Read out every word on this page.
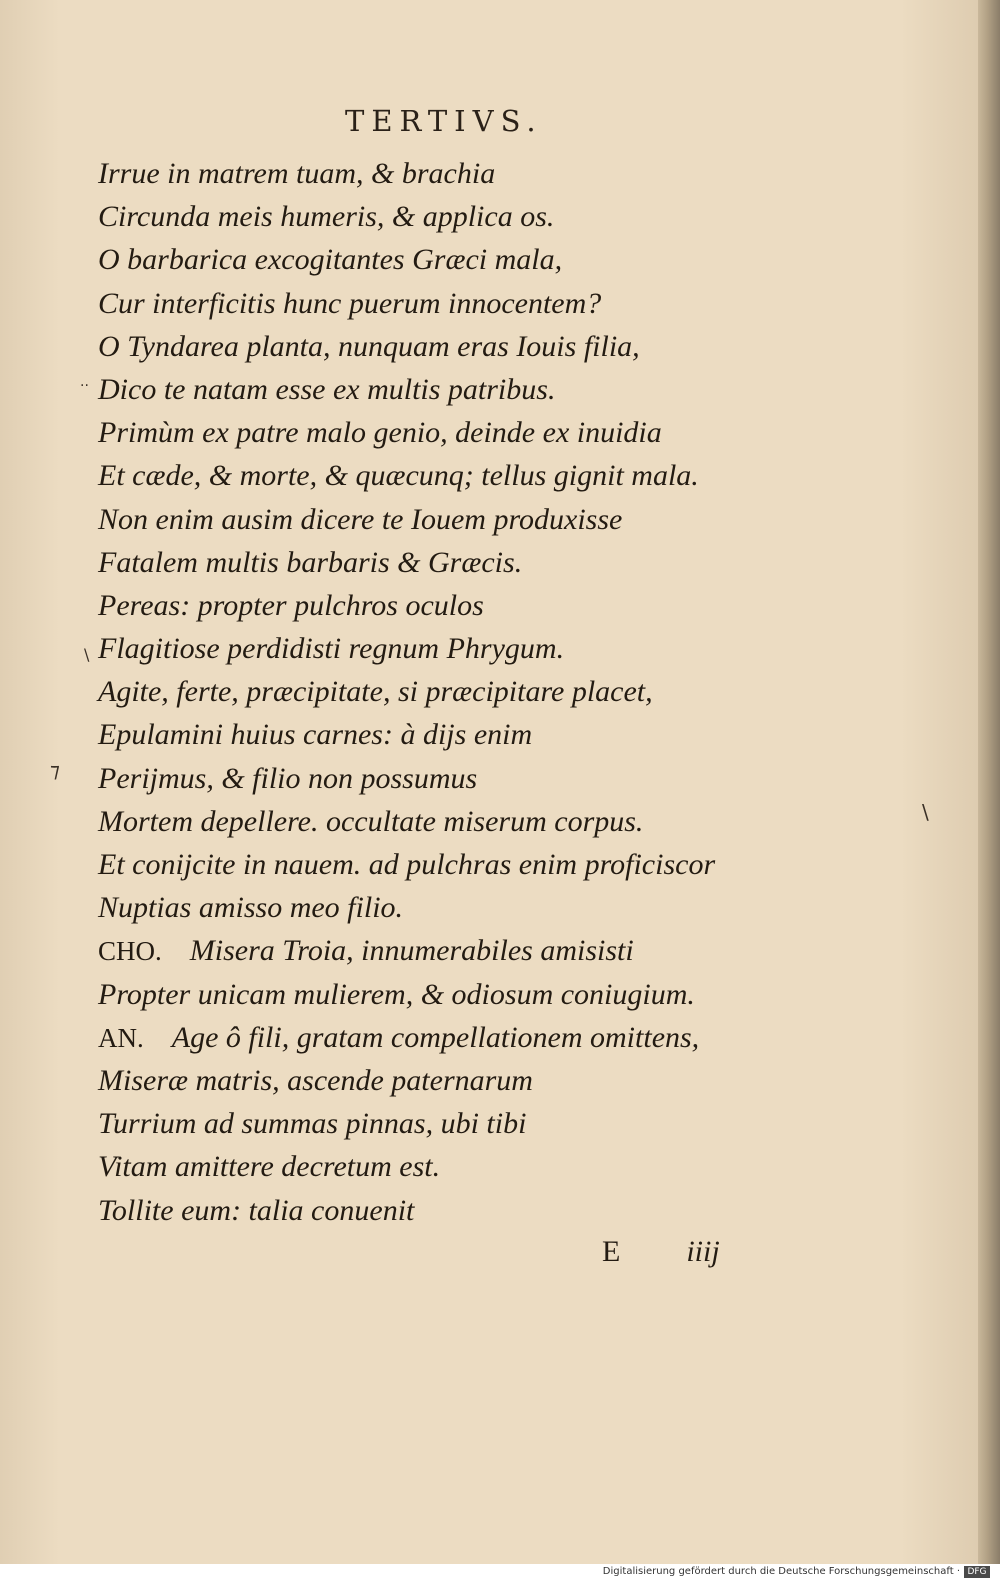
TERTIVS.
Irrue in matrem tuam, & brachia
Circunda meis humeris, & applica os.
O barbarica excogitantes Græci mala,
Cur interficitis hunc puerum innocentem?
O Tyndarea planta, nunquam eras Iouis filia,
Dico te natam esse ex multis patribus.
Primùm ex patre malo genio, deinde ex inuidia
Et cæde, & morte, & quæcunq; tellus gignit mala.
Non enim ausim dicere te Iouem produxisse
Fatalem multis barbaris & Græcis.
Pereas: propter pulchros oculos
Flagitiose perdidisti regnum Phrygum.
Agite, ferte, præcipitate, si præcipitare placet,
Epulamini huius carnes: à dijs enim
Perijmus, & filio non possumus
Mortem depellere. occultate miserum corpus.
Et conijcite in nauem. ad pulchras enim proficiscor
Nuptias amisso meo filio.
CHO. Misera Troia, innumerabiles amisisti
Propter unicam mulierem, & odiosum coniugium.
AN. Age ô fili, gratam compellationem omittens,
Miseræ matris, ascende paternarum
Turrium ad summas pinnas, ubi tibi
Vitam amittere decretum est.
Tollite eum: talia conuenit
E iiij
··
\
⁊
\
Digitalisierung gefördert durch die Deutsche Forschungsgemeinschaft · DFG
